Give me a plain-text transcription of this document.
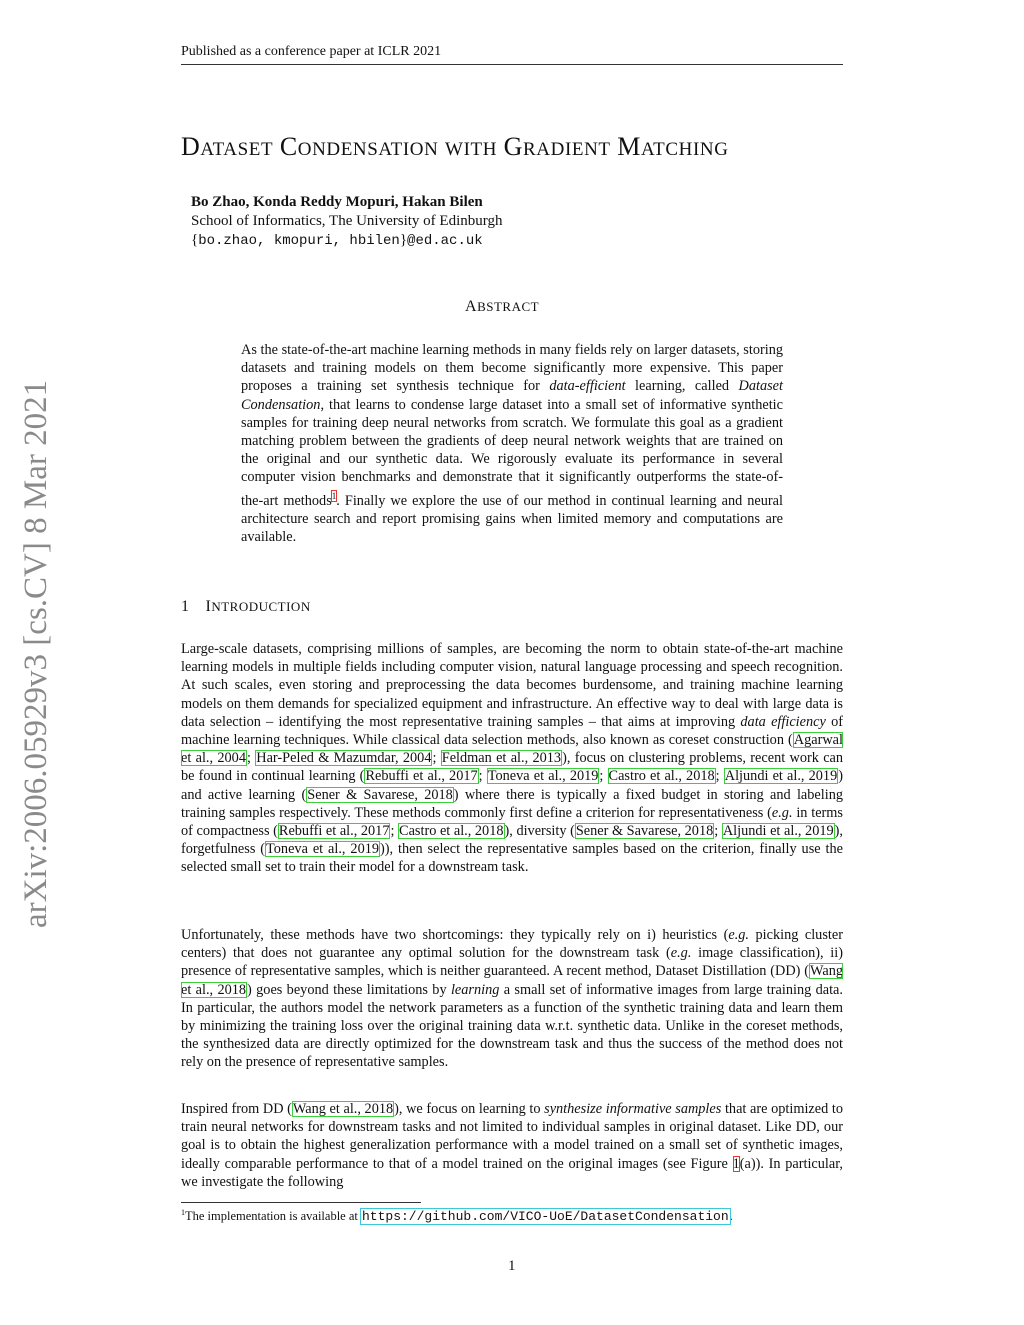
Published as a conference paper at ICLR 2021
DATASET CONDENSATION WITH GRADIENT MATCHING
Bo Zhao, Konda Reddy Mopuri, Hakan Bilen
School of Informatics, The University of Edinburgh
{bo.zhao, kmopuri, hbilen}@ed.ac.uk
arXiv:2006.05929v3 [cs.CV] 8 Mar 2021
ABSTRACT
As the state-of-the-art machine learning methods in many fields rely on larger datasets, storing datasets and training models on them become significantly more expensive. This paper proposes a training set synthesis technique for data-efficient learning, called Dataset Condensation, that learns to condense large dataset into a small set of informative synthetic samples for training deep neural networks from scratch. We formulate this goal as a gradient matching problem between the gradients of deep neural network weights that are trained on the original and our synthetic data. We rigorously evaluate its performance in several computer vision benchmarks and demonstrate that it significantly outperforms the state-of-the-art methods$^1$. Finally we explore the use of our method in continual learning and neural architecture search and report promising gains when limited memory and computations are available.
1 INTRODUCTION

Large-scale datasets, comprising millions of samples, are becoming the norm to obtain state-of-the-art machine learning models in multiple fields including computer vision, natural language processing and speech recognition. At such scales, even storing and preprocessing the data becomes burdensome, and training machine learning models on them demands for specialized equipment and infrastructure. An effective way to deal with large data is data selection – identifying the most representative training samples – that aims at improving data efficiency of machine learning techniques. While classical data selection methods, also known as coreset construction (Agarwal et al., 2004; Har-Peled & Mazumdar, 2004; Feldman et al., 2013), focus on clustering problems, recent work can be found in continual learning (Rebuffi et al., 2017; Toneva et al., 2019; Castro et al., 2018; Aljundi et al., 2019) and active learning (Sener & Savarese, 2018) where there is typically a fixed budget in storing and labeling training samples respectively. These methods commonly first define a criterion for representativeness (e.g. in terms of compactness (Rebuffi et al., 2017; Castro et al., 2018), diversity (Sener & Savarese, 2018; Aljundi et al., 2019), forgetfulness (Toneva et al., 2019)), then select the representative samples based on the criterion, finally use the selected small set to train their model for a downstream task.

Unfortunately, these methods have two shortcomings: they typically rely on i) heuristics (e.g. picking cluster centers) that does not guarantee any optimal solution for the downstream task (e.g. image classification), ii) presence of representative samples, which is neither guaranteed. A recent method, Dataset Distillation (DD) (Wang et al., 2018) goes beyond these limitations by learning a small set of informative images from large training data. In particular, the authors model the network parameters as a function of the synthetic training data and learn them by minimizing the training loss over the original training data w.r.t. synthetic data. Unlike in the coreset methods, the synthesized data are directly optimized for the downstream task and thus the success of the method does not rely on the presence of representative samples.

Inspired from DD (Wang et al., 2018), we focus on learning to synthesize informative samples that are optimized to train neural networks for downstream tasks and not limited to individual samples in original dataset. Like DD, our goal is to obtain the highest generalization performance with a model trained on a small set of synthetic images, ideally comparable performance to that of a model trained on the original images (see Figure 1(a)). In particular, we investigate the following

$^1$The implementation is available at https://github.com/VICO-UoE/DatasetCondensation.
1
